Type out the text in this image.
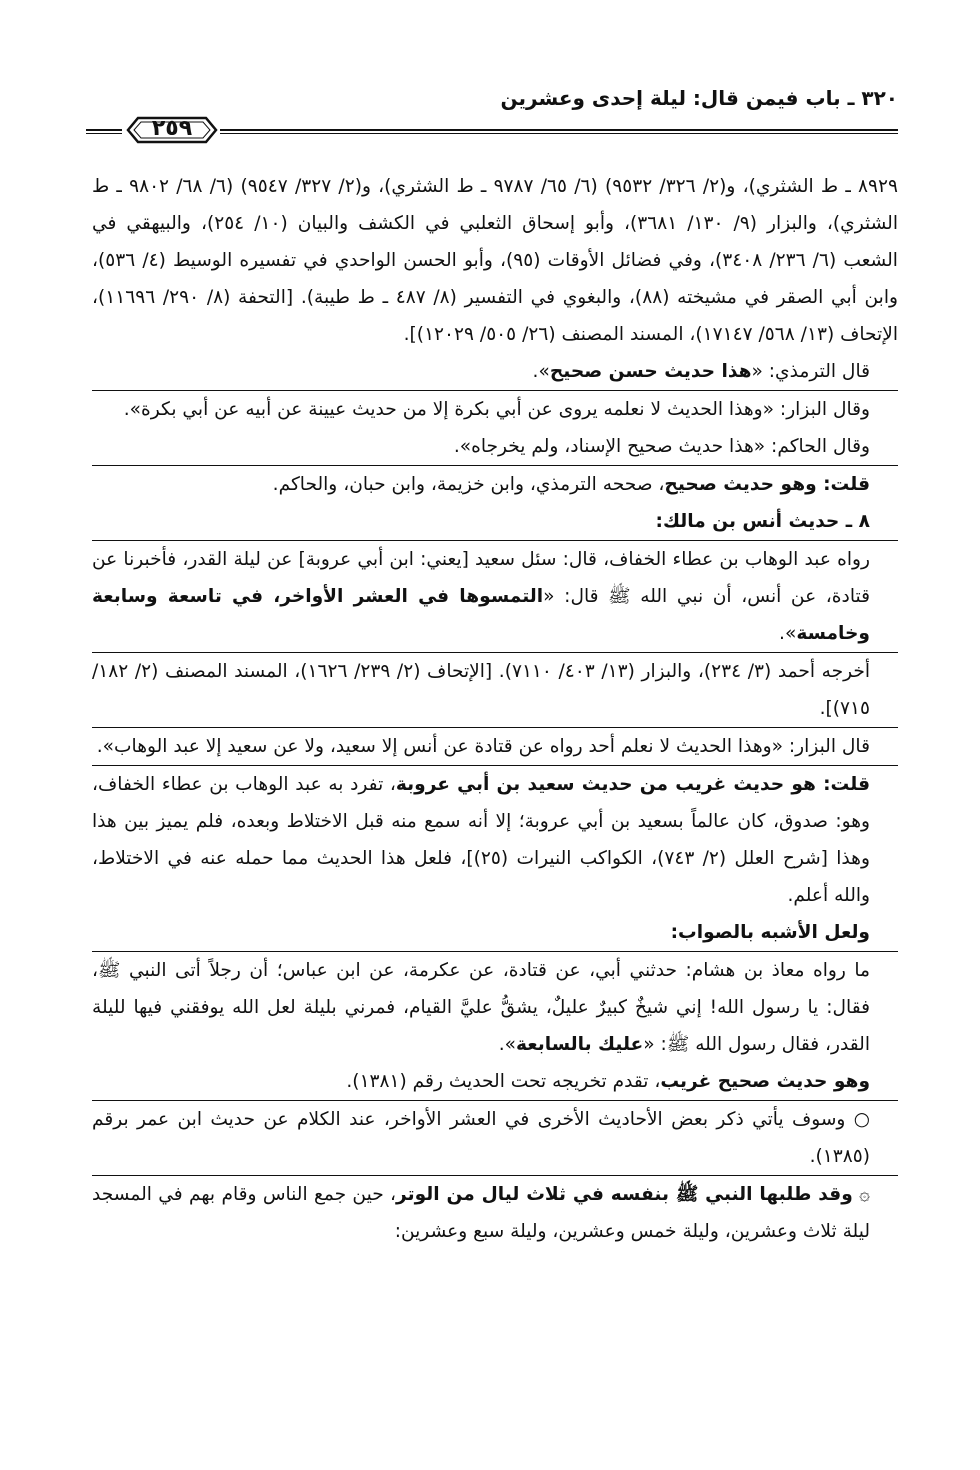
٣٢٠ ـ باب فيمن قال: ليلة إحدى وعشرين
٢٥٩

٨٩٢٩ ـ ط الشثري)، و(٢/ ٣٢٦/ ٩٥٣٢) (٦/ ٦٥/ ٩٧٨٧ ـ ط الشثري)، و(٢/ ٣٢٧/ ٩٥٤٧) (٦/ ٦٨/ ٩٨٠٢ ـ ط الشثري)، والبزار (٩/ ١٣٠/ ٣٦٨١)، وأبو إسحاق الثعلبي في الكشف والبيان (١٠/ ٢٥٤)، والبيهقي في الشعب (٦/ ٢٣٦/ ٣٤٠٨)، وفي فضائل الأوقات (٩٥)، وأبو الحسن الواحدي في تفسيره الوسيط (٤/ ٥٣٦)، وابن أبي الصقر في مشيخته (٨٨)، والبغوي في التفسير (٨/ ٤٨٧ ـ ط طيبة). [التحفة (٨/ ٢٩٠/ ١١٦٩٦)، الإتحاف (١٣/ ٥٦٨/ ١٧١٤٧)، المسند المصنف (٢٦/ ٥٠٥/ ١٢٠٢٩)].

قال الترمذي: «هذا حديث حسن صحيح».

وقال البزار: «وهذا الحديث لا نعلمه يروى عن أبي بكرة إلا من حديث عيينة عن أبيه عن أبي بكرة».

وقال الحاكم: «هذا حديث صحيح الإسناد، ولم يخرجاه».

قلت: وهو حديث صحيح، صححه الترمذي، وابن خزيمة، وابن حبان، والحاكم.

٨ ـ حديث أنس بن مالك:

رواه عبد الوهاب بن عطاء الخفاف، قال: سئل سعيد [يعني: ابن أبي عروبة] عن ليلة القدر، فأخبرنا عن قتادة، عن أنس، أن نبي الله ﷺ قال: «التمسوها في العشر الأواخر، في تاسعة وسابعة وخامسة».

أخرجه أحمد (٣/ ٢٣٤)، والبزار (١٣/ ٤٠٣/ ٧١١٠). [الإتحاف (٢/ ٢٣٩/ ١٦٢٦)، المسند المصنف (٢/ ١٨٢/ ٧١٥)].

قال البزار: «وهذا الحديث لا نعلم أحد رواه عن قتادة عن أنس إلا سعيد، ولا عن سعيد إلا عبد الوهاب».

قلت: هو حديث غريب من حديث سعيد بن أبي عروبة، تفرد به عبد الوهاب بن عطاء الخفاف، وهو: صدوق، كان عالماً بسعيد بن أبي عروبة؛ إلا أنه سمع منه قبل الاختلاط وبعده، فلم يميز بين هذا وهذا [شرح العلل (٢/ ٧٤٣)، الكواكب النيرات (٢٥)]، فلعل هذا الحديث مما حمله عنه في الاختلاط، والله أعلم.

ولعل الأشبه بالصواب:

ما رواه معاذ بن هشام: حدثني أبي، عن قتادة، عن عكرمة، عن ابن عباس؛ أن رجلاً أتى النبي ﷺ، فقال: يا رسول الله! إني شيخٌ كبيرٌ عليلٌ، يشقُّ عليَّ القيام، فمرني بليلة لعل الله يوفقني فيها لليلة القدر، فقال رسول الله ﷺ: «عليك بالسابعة».

وهو حديث صحيح غريب، تقدم تخريجه تحت الحديث رقم (١٣٨١).

○ وسوف يأتي ذكر بعض الأحاديث الأخرى في العشر الأواخر، عند الكلام عن حديث ابن عمر برقم (١٣٨٥).

۞ وقد طلبها النبي ﷺ بنفسه في ثلاث ليال من الوتر، حين جمع الناس وقام بهم في المسجد ليلة ثلاث وعشرين، وليلة خمس وعشرين، وليلة سبع وعشرين:
